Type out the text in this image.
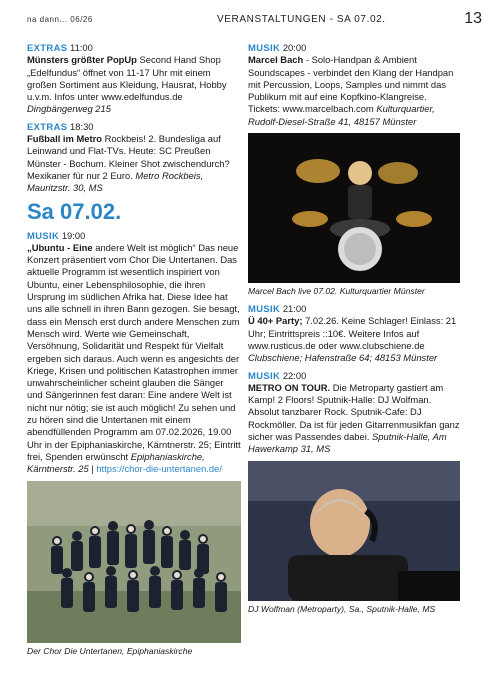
na dann... 06/26	VERANSTALTUNGEN - SA 07.02.	13

EXTRAS 11:00

Münsters größter PopUp Second Hand Shop „Edelfundus“ öffnet von 11-17 Uhr mit einem großen Sortiment aus Kleidung, Hausrat, Hobby u.v.m. Infos unter www.edelfundus.de Dingbängerweg 215

EXTRAS 18:30

Fußball im Metro Rockbeis! 2. Bundesliga auf Leinwand und Flat-TVs. Heute: SC Preußen Münster - Bochum. Kleiner Shot zwischendurch? Mexikaner für nur 2 Euro. Metro Rockbeis, Mauritzstr. 30, MS

Sa 07.02.

MUSIK 19:00

„Ubuntu - Eine andere Welt ist möglich“ Das neue Konzert präsentiert vom Chor Die Untertanen. Das aktuelle Programm ist wesentlich inspiriert von Ubuntu, einer Lebensphilosophie, die ihren Ursprung im südlichen Afrika hat. Diese Idee hat uns alle schnell in ihren Bann gezogen. Sie besagt, dass ein Mensch erst durch andere Menschen zum Mensch wird. Werte wie Gemeinschaft, Versöhnung, Solidarität und Respekt für Vielfalt ergeben sich daraus. Auch wenn es angesichts der Kriege, Krisen und politischen Katastrophen immer unwahrscheinlicher scheint glauben die Sänger und Sängerinnen fest daran: Eine andere Welt ist nicht nur nötig; sie ist auch möglich! Zu sehen und zu hören sind die Untertanen mit einem abendfüllenden Programm am 07.02.2026, 19.00 Uhr in der Epiphaniaskirche, Kärntnerstr. 25; Eintritt frei, Spenden erwünscht Epiphaniaskirche, Kärntnerstr. 25 | https://chor-die-untertanen.de/

Der Chor Die Untertanen, Epiphaniaskirche

MUSIK 20:00

Marcel Bach - Solo-Handpan & Ambient Soundscapes - verbindet den Klang der Handpan mit Percussion, Loops, Samples und nimmt das Publikum mit auf eine Kopfkino-Klangreise. Tickets: www.marcelbach.com Kulturquartier, Rudolf-Diesel-Straße 41, 48157 Münster

Marcel Bach live 07.02. Kulturquartier Münster

MUSIK 21:00

Ü 40+ Party; 7.02.26. Keine Schlager! Einlass: 21 Uhr; Eintrittspreis ::10€. Weitere Infos auf www.rusticus.de oder www.clubschiene.de Clubschiene; Hafenstraße 64; 48153 Münster

MUSIK 22:00

METRO ON TOUR. Die Metroparty gastiert am Kamp! 2 Floors! Sputnik-Halle: DJ Wolfman. Absolut tanzbarer Rock. Sputnik-Cafe: DJ Rockmöller. Da ist für jeden Gitarrenmusikfan ganz sicher was Passendes dabei. Sputnik-Halle, Am Hawerkamp 31, MS

DJ Wolfman (Metroparty), Sa., Sputnik-Halle, MS
